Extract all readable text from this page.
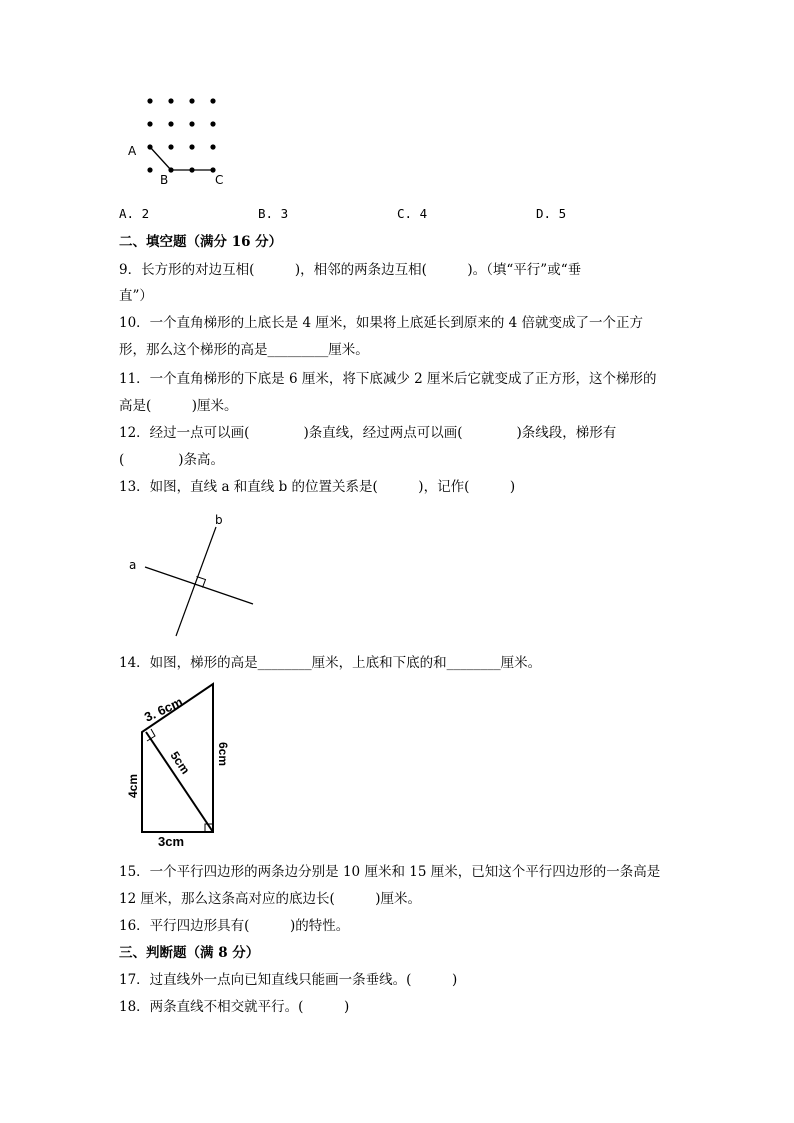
A
B	C
A. 2	B. 3	C. 4	D. 5
二、填空题（满分 16 分）
9．长方形的对边互相(　　　)，相邻的两条边互相(　　　)。（填“平行”或“垂
直”）
10．一个直角梯形的上底长是 4 厘米，如果将上底延长到原来的 4 倍就变成了一个正方
形，那么这个梯形的高是_________厘米。
11．一个直角梯形的下底是 6 厘米，将下底减少 2 厘米后它就变成了正方形，这个梯形的
高是(　　　)厘米。
12．经过一点可以画(　　　　)条直线，经过两点可以画(　　　　)条线段，梯形有
(　　　　)条高。
13．如图，直线 a 和直线 b 的位置关系是(　　　)，记作(　　　)
a
b
14．如图，梯形的高是________厘米，上底和下底的和________厘米。
3. 6cm
5cm 6cm
4cm
3cm
15．一个平行四边形的两条边分别是 10 厘米和 15 厘米，已知这个平行四边形的一条高是
12 厘米，那么这条高对应的底边长(　　　)厘米。
16．平行四边形具有(　　　)的特性。
三、判断题（满 8 分）
17．过直线外一点向已知直线只能画一条垂线。(　　　)
18．两条直线不相交就平行。(　　　)
